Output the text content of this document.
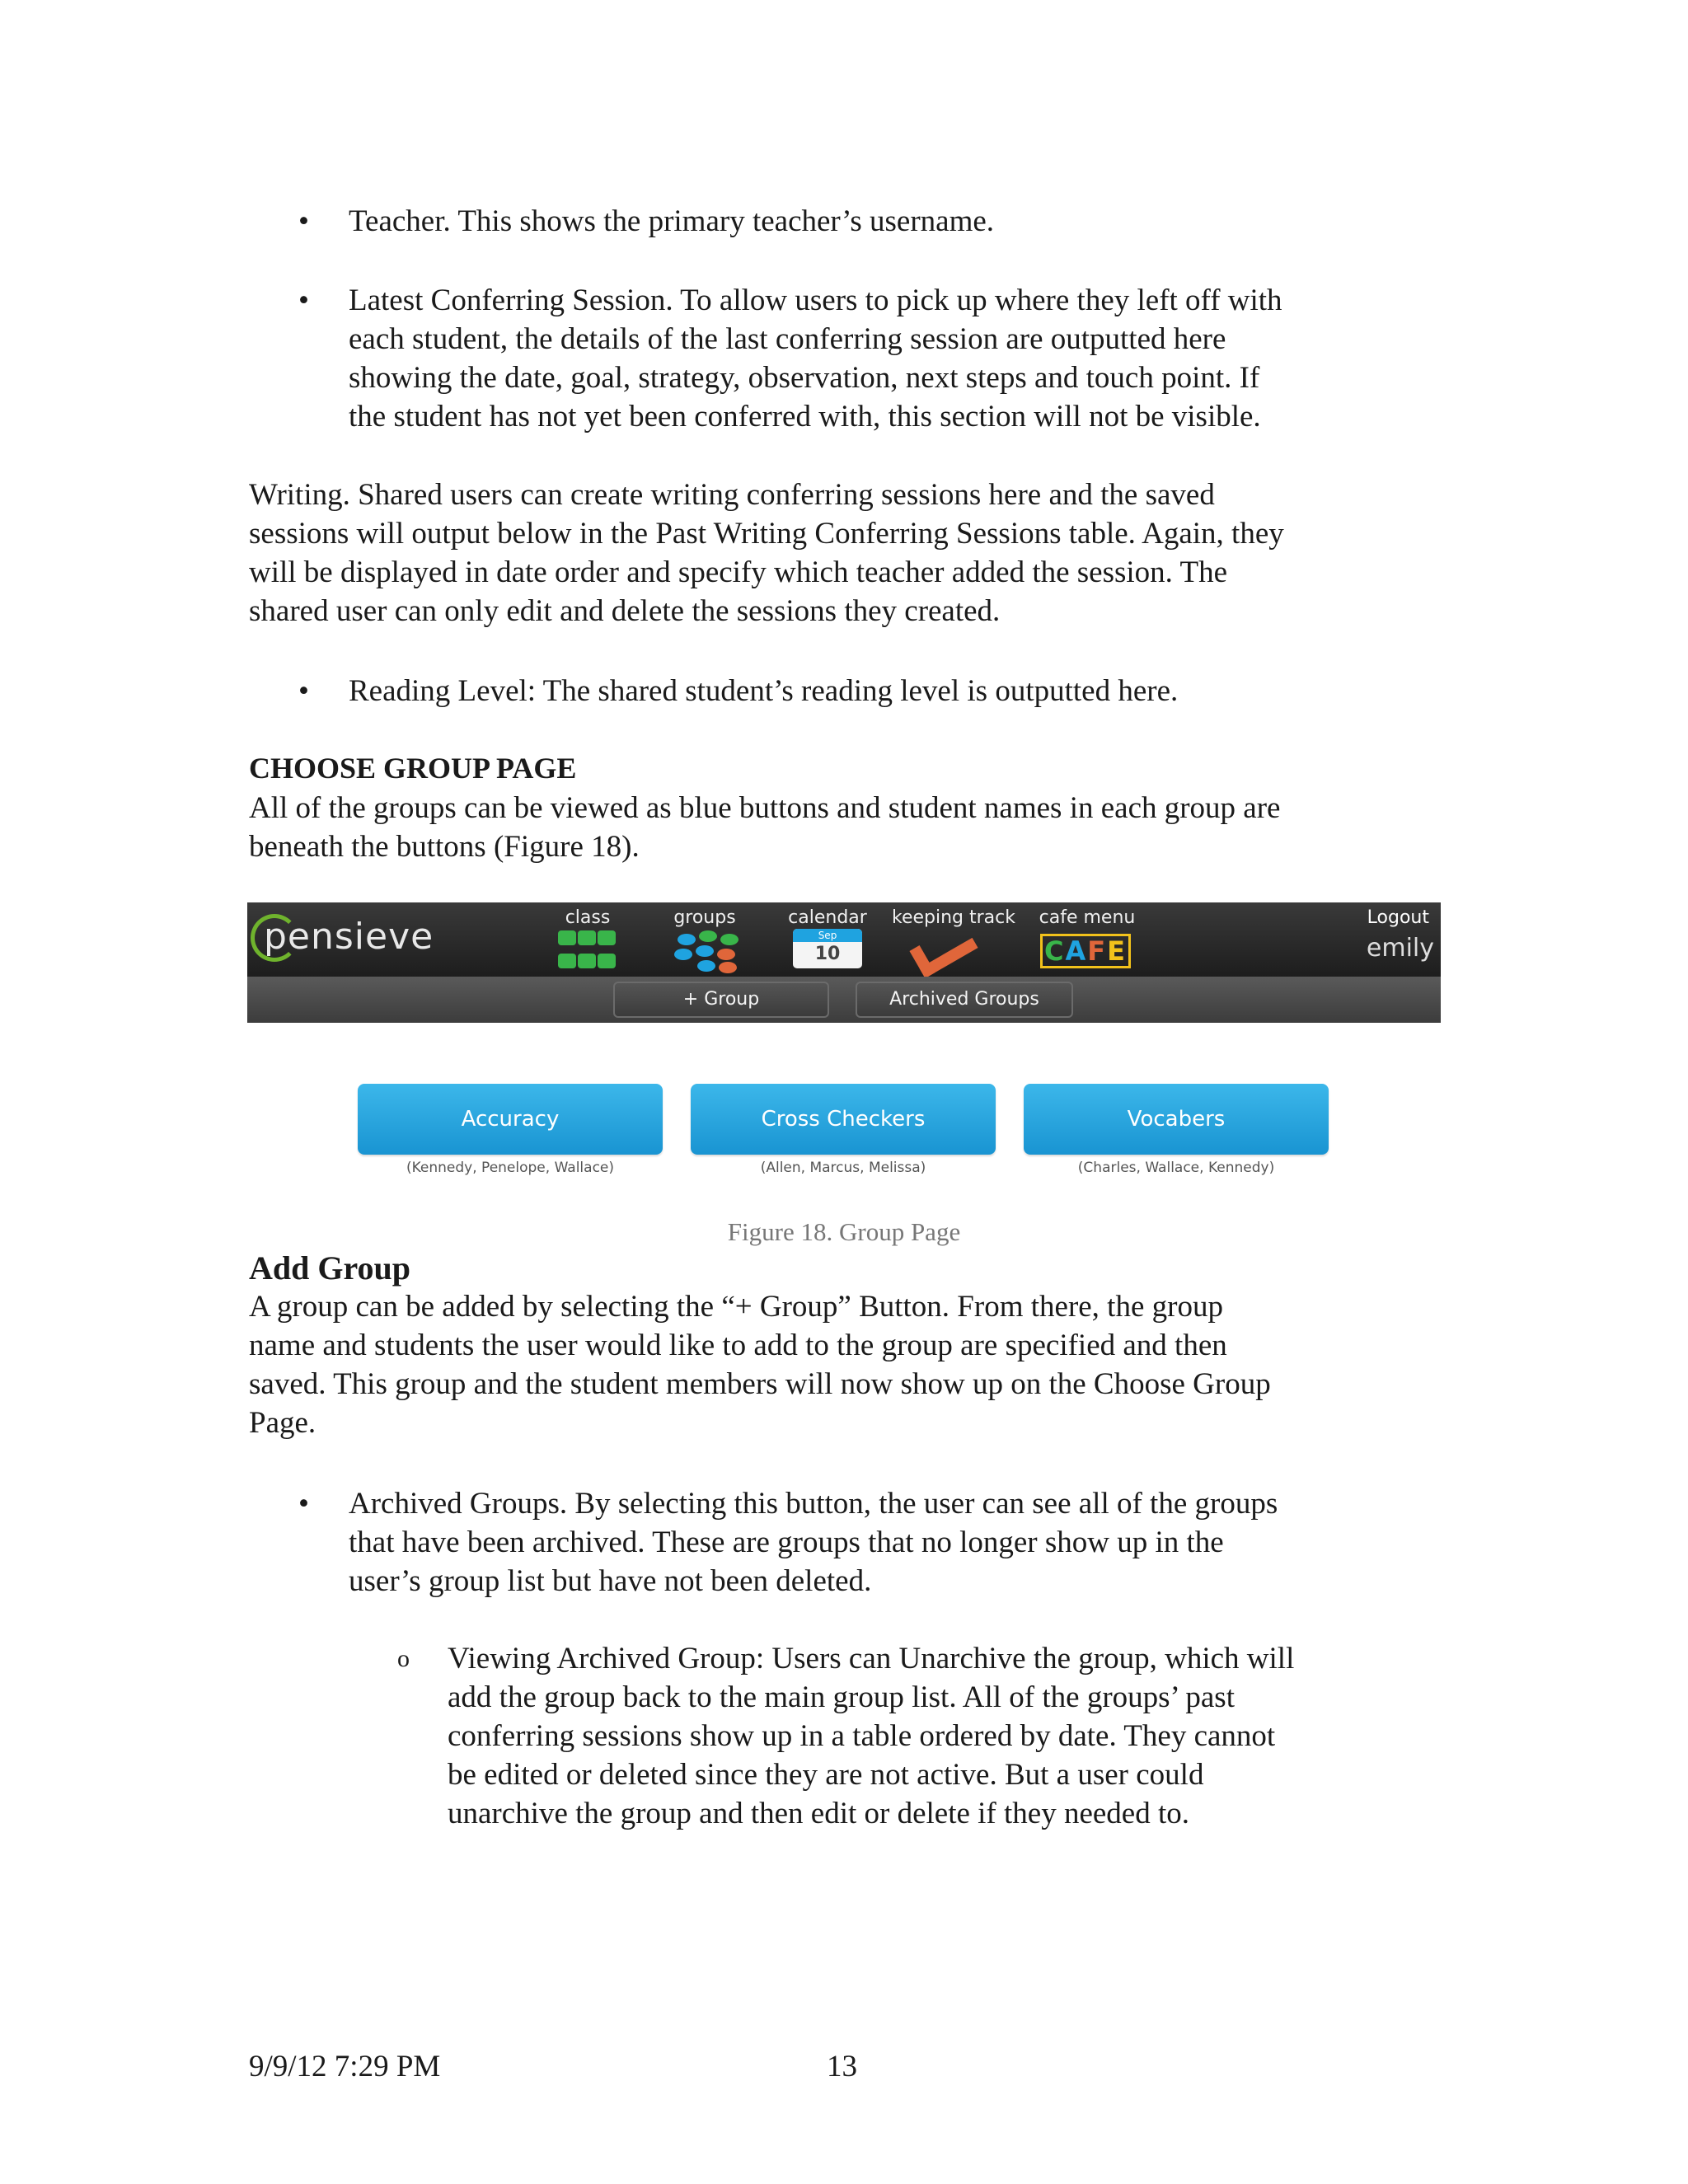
• Teacher. This shows the primary teacher’s username.
• Latest Conferring Session. To allow users to pick up where they left off with
each student, the details of the last conferring session are outputted here
showing the date, goal, strategy, observation, next steps and touch point. If
the student has not yet been conferred with, this section will not be visible.
Writing. Shared users can create writing conferring sessions here and the saved
sessions will output below in the Past Writing Conferring Sessions table. Again, they
will be displayed in date order and specify which teacher added the session. The
shared user can only edit and delete the sessions they created.
• Reading Level: The shared student’s reading level is outputted here.
CHOOSE GROUP PAGE
All of the groups can be viewed as blue buttons and student names in each group are
beneath the buttons (Figure 18).
pensieve	class	groups	calendar
Sep
10
keeping track cafe menu
CAFE
Logout
emily
+ Group	Archived Groups
Accuracy
(Kennedy, Penelope, Wallace)
Cross Checkers
(Allen, Marcus, Melissa)
Vocabers
(Charles, Wallace, Kennedy)
Figure 18. Group Page
Add Group
A group can be added by selecting the “+ Group” Button. From there, the group
name and students the user would like to add to the group are specified and then
saved. This group and the student members will now show up on the Choose Group
Page.
• Archived Groups. By selecting this button, the user can see all of the groups
that have been archived. These are groups that no longer show up in the
user’s group list but have not been deleted.
o Viewing Archived Group: Users can Unarchive the group, which will
add the group back to the main group list. All of the groups’ past
conferring sessions show up in a table ordered by date. They cannot
be edited or deleted since they are not active. But a user could
unarchive the group and then edit or delete if they needed to.
9/9/12 7:29 PM	13
